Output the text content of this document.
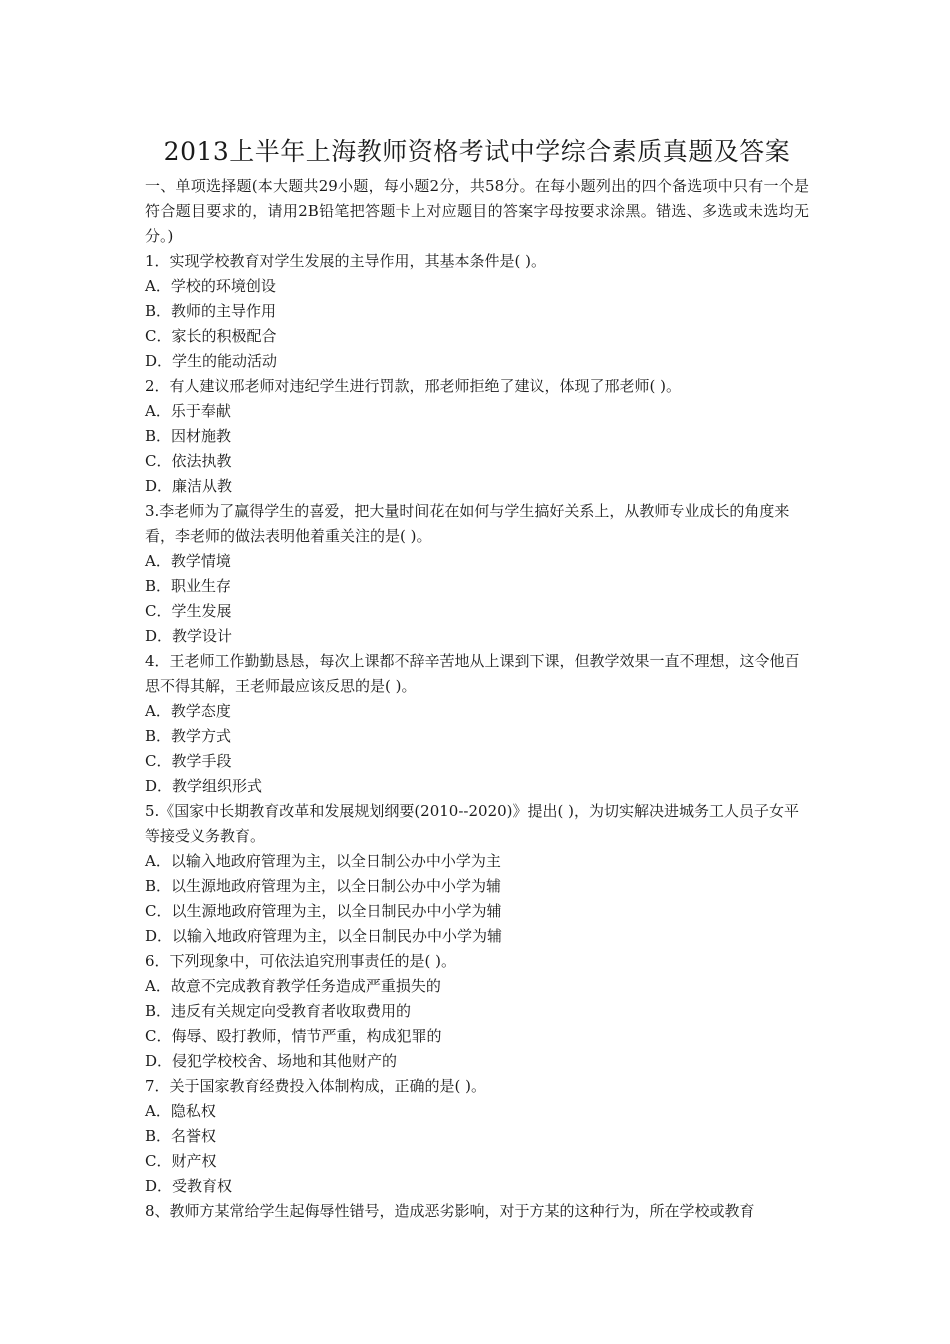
2013上半年上海教师资格考试中学综合素质真题及答案
一、单项选择题(本大题共29小题，每小题2分，共58分。在每小题列出的四个备选项中只有一个是符合题目要求的，请用2B铅笔把答题卡上对应题目的答案字母按要求涂黑。错选、多选或未选均无分。)
1．实现学校教育对学生发展的主导作用，其基本条件是( )。
A．学校的环境创设
B．教师的主导作用
C．家长的积极配合
D．学生的能动活动
2．有人建议邢老师对违纪学生进行罚款，邢老师拒绝了建议，体现了邢老师( )。
A．乐于奉献
B．因材施教
C．依法执教
D．廉洁从教
3.李老师为了赢得学生的喜爱，把大量时间花在如何与学生搞好关系上，从教师专业成长的角度来看，李老师的做法表明他着重关注的是( )。
A．教学情境
B．职业生存
C．学生发展
D．教学设计
4．王老师工作勤勤恳恳，每次上课都不辞辛苦地从上课到下课，但教学效果一直不理想，这令他百思不得其解，王老师最应该反思的是( )。
A．教学态度
B．教学方式
C．教学手段
D．教学组织形式
5.《国家中长期教育改革和发展规划纲要(2010--2020)》提出( )，为切实解决进城务工人员子女平等接受义务教育。
A．以输入地政府管理为主，以全日制公办中小学为主
B．以生源地政府管理为主，以全日制公办中小学为辅
C．以生源地政府管理为主，以全日制民办中小学为辅
D．以输入地政府管理为主，以全日制民办中小学为辅
6．下列现象中，可依法追究刑事责任的是( )。
A．故意不完成教育教学任务造成严重损失的
B．违反有关规定向受教育者收取费用的
C．侮辱、殴打教师，情节严重，构成犯罪的
D．侵犯学校校舍、场地和其他财产的
7．关于国家教育经费投入体制构成，正确的是( )。
A．隐私权
B．名誉权
C．财产权
D．受教育权
8、教师方某常给学生起侮辱性错号，造成恶劣影响，对于方某的这种行为，所在学校或教育
